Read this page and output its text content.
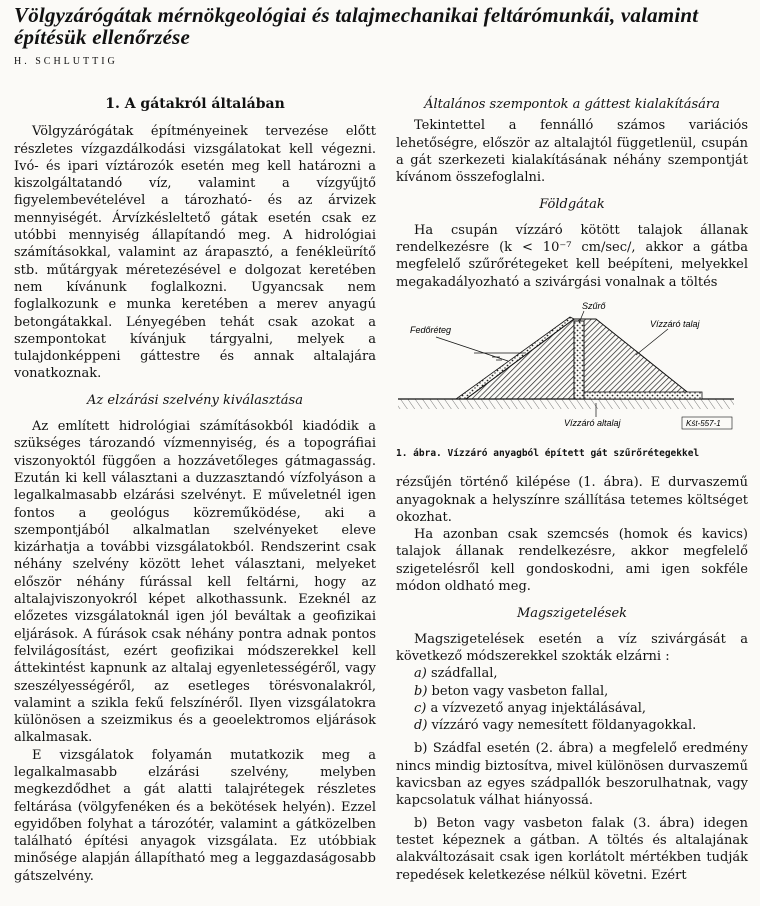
Völgyzárógátak mérnökgeológiai és talajmechanikai feltárómunkái, valamint építésük ellenőrzése
H. SCHLUTTIG
1. A gátakról általában

Völgyzárógátak építményeinek tervezése előtt részletes vízgazdálkodási vizsgálatokat kell végezni. Ivó- és ipari víztározók esetén meg kell határozni a kiszolgáltatandó víz, valamint a vízgyűjtő figyelembevételével a tározható- és az árvizek mennyiségét. Árvízkésleltető gátak esetén csak ez utóbbi mennyiség állapítandó meg. A hidrológiai számításokkal, valamint az árapasztó, a fenékleürítő stb. műtárgyak méretezésével e dolgozat keretében nem kívánunk foglalkozni. Ugyancsak nem foglalkozunk e munka keretében a merev anyagú betongátakkal. Lényegében tehát csak azokat a szempontokat kívánjuk tárgyalni, melyek a tulajdonképpeni gáttestre és annak altalajára vonatkoznak.

Az elzárási szelvény kiválasztása

Az említett hidrológiai számításokból kiadódik a szükséges tározandó vízmennyiség, és a topográfiai viszonyoktól függően a hozzávetőleges gátmagasság. Ezután ki kell választani a duzzasztandó vízfolyáson a legalkalmasabb elzárási szelvényt. E műveletnél igen fontos a geológus közreműködése, aki a szempontjából alkalmatlan szelvényeket eleve kizárhatja a további vizsgálatokból. Rendszerint csak néhány szelvény között lehet választani, melyeket először néhány fúrással kell feltárni, hogy az altalajviszonyokról képet alkothassunk. Ezeknél az előzetes vizsgálatoknál igen jól beváltak a geofizikai eljárások. A fúrások csak néhány pontra adnak pontos felvilágosítást, ezért geofizikai módszerekkel kell áttekintést kapnunk az altalaj egyenletességéről, vagy szeszélyességéről, az esetleges törésvonalakról, valamint a szikla fekű felszínéről. Ilyen vizsgálatokra különösen a szeizmikus és a geoelektromos eljárások alkalmasak.

E vizsgálatok folyamán mutatkozik meg a legalkalmasabb elzárási szelvény, melyben megkezdődhet a gát alatti talajrétegek részletes feltárása (völgyfenéken és a bekötések helyén). Ezzel egyidőben folyhat a tározótér, valamint a gátközelben található építési anyagok vizsgálata. Ez utóbbiak minősége alapján állapítható meg a leggazdaságosabb gátszelvény.

Általános szempontok a gáttest kialakítására

Tekintettel a fennálló számos variációs lehetőségre, először az altalajtól függetlenül, csupán a gát szerkezeti kialakításának néhány szempontját kívánom összefoglalni.

Földgátak

Ha csupán vízzáró kötött talajok állanak rendelkezésre (k < 10⁻⁷ cm/sec/, akkor a gátba megfelelő szűrőrétegeket kell beépíteni, melyekkel megakadályozható a szivárgási vonalnak a töltés

Szűrő
Fedőréteg
Vízzáró talaj
Vízzáró altalaj	Kśt-557-1
1. ábra. Vízzáró anyagból épített gát szűrőrétegekkel

rézsűjén történő kilépése (1. ábra). E durvaszemű anyagoknak a helyszínre szállítása tetemes költséget okozhat.

Ha azonban csak szemcsés (homok és kavics) talajok állanak rendelkezésre, akkor megfelelő szigetelésről kell gondoskodni, ami igen sokféle módon oldható meg.

Magszigetelések

Magszigetelések esetén a víz szivárgását a következő módszerekkel szokták elzárni :

a) szádfallal,
b) beton vagy vasbeton fallal,
c) a vízvezető anyag injektálásával,
d) vízzáró vagy nemesített földanyagokkal.

b) Szádfal esetén (2. ábra) a megfelelő eredmény nincs mindig biztosítva, mivel különösen durvaszemű kavicsban az egyes szádpallók beszorulhatnak, vagy kapcsolatuk válhat hiányossá.

b) Beton vagy vasbeton falak (3. ábra) idegen testet képeznek a gátban. A töltés és altalajának alakváltozásait csak igen korlátolt mértékben tudják repedések keletkezése nélkül követni. Ezért
